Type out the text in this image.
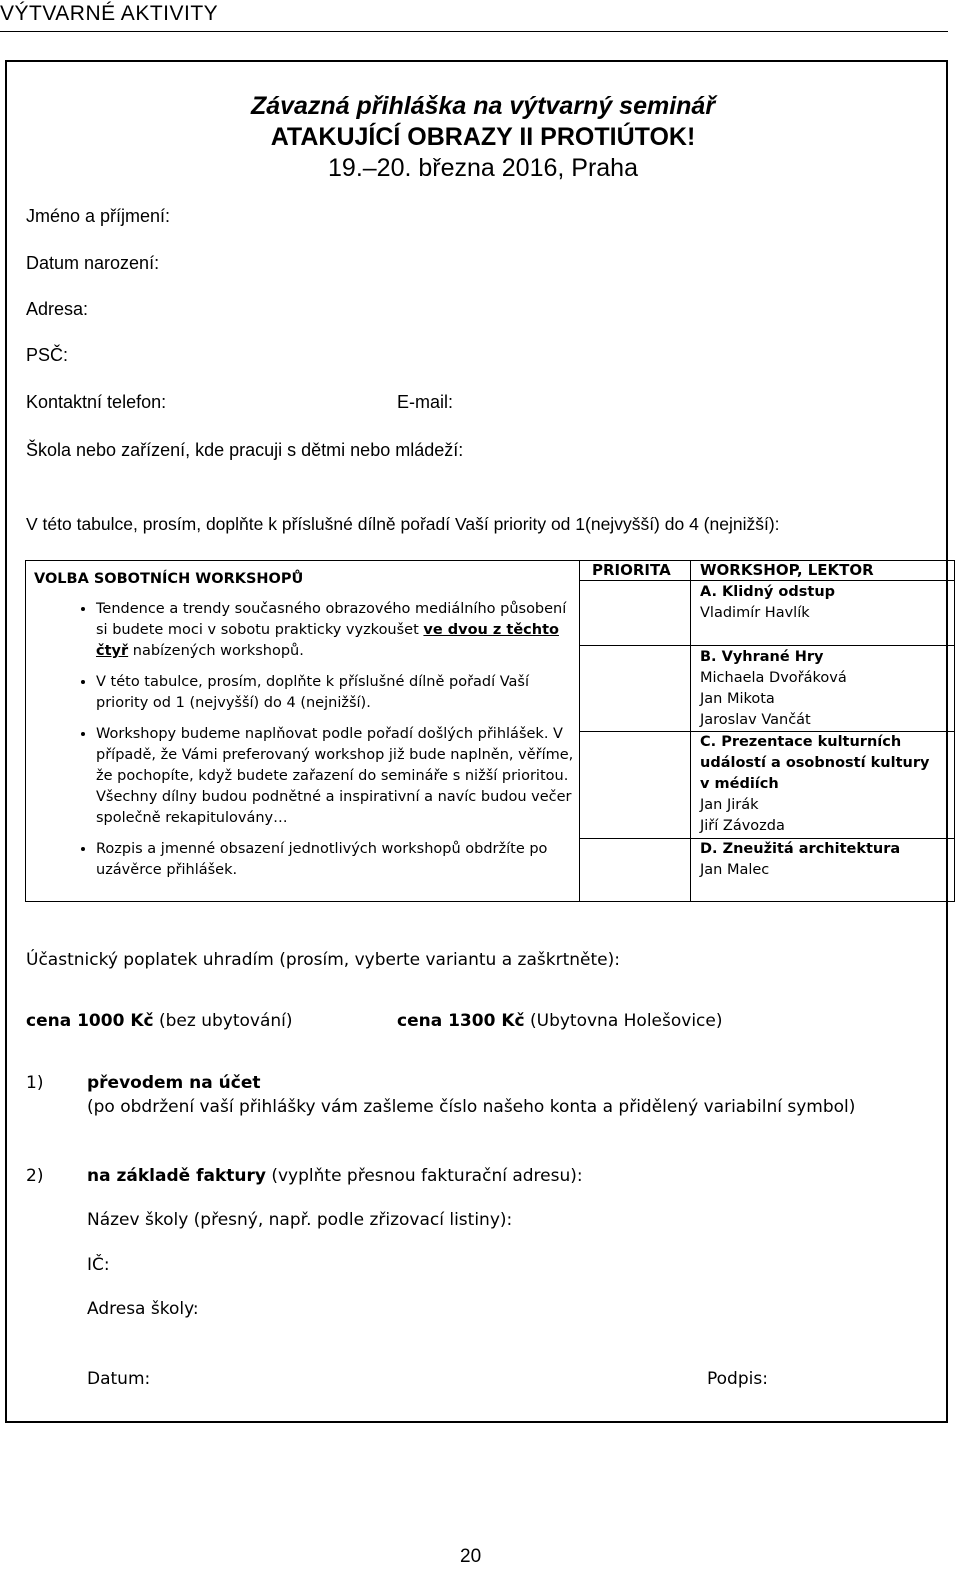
VÝTVARNÉ AKTIVITY
Závazná přihláška na výtvarný seminář
ATAKUJÍCÍ OBRAZY II PROTIÚTOK!
19.–20. března 2016, Praha
Jméno a příjmení:
Datum narození:
Adresa:
PSČ:
Kontaktní telefon:	E-mail:
Škola nebo zařízení, kde pracuji s dětmi nebo mládeží:
V této tabulce, prosím, doplňte k příslušné dílně pořadí Vaší priority od 1(nejvyšší) do 4 (nejnižší):
VOLBA SOBOTNÍCH WORKSHOPŮ
• Tendence a trendy současného obrazového mediálního působení si budete moci v sobotu prakticky vyzkoušet ve dvou z těchto čtyř nabízených workshopů.
• V této tabulce, prosím, doplňte k příslušné dílně pořadí Vaší priority od 1 (nejvyšší) do 4 (nejnižší).
• Workshopy budeme naplňovat podle pořadí došlých přihlášek. V případě, že Vámi preferovaný workshop již bude naplněn, věříme, že pochopíte, když budete zařazení do semináře s nižší prioritou. Všechny dílny budou podnětné a inspirativní a navíc budou večer společně rekapitulovány…
• Rozpis a jmenné obsazení jednotlivých workshopů obdržíte po uzávěrce přihlášek.
PRIORITA WORKSHOP, LEKTOR
A. Klidný odstup
Vladimír Havlík
B. Vyhrané Hry
Michaela Dvořáková
Jan Mikota
Jaroslav Vančát
C. Prezentace kulturních událostí a osobností kultury v médiích
Jan Jirák
Jiří Závozda
D. Zneužitá architektura
Jan Malec
Účastnický poplatek uhradím (prosím, vyberte variantu a zaškrtněte):
cena 1000 Kč (bez ubytování)	cena 1300 Kč (Ubytovna Holešovice)
1)	převodem na účet
(po obdržení vaší přihlášky vám zašleme číslo našeho konta a přidělený variabilní symbol)
2)	na základě faktury (vyplňte přesnou fakturační adresu):
Název školy (přesný, např. podle zřizovací listiny):
IČ:
Adresa školy:
Datum:	Podpis:
20
